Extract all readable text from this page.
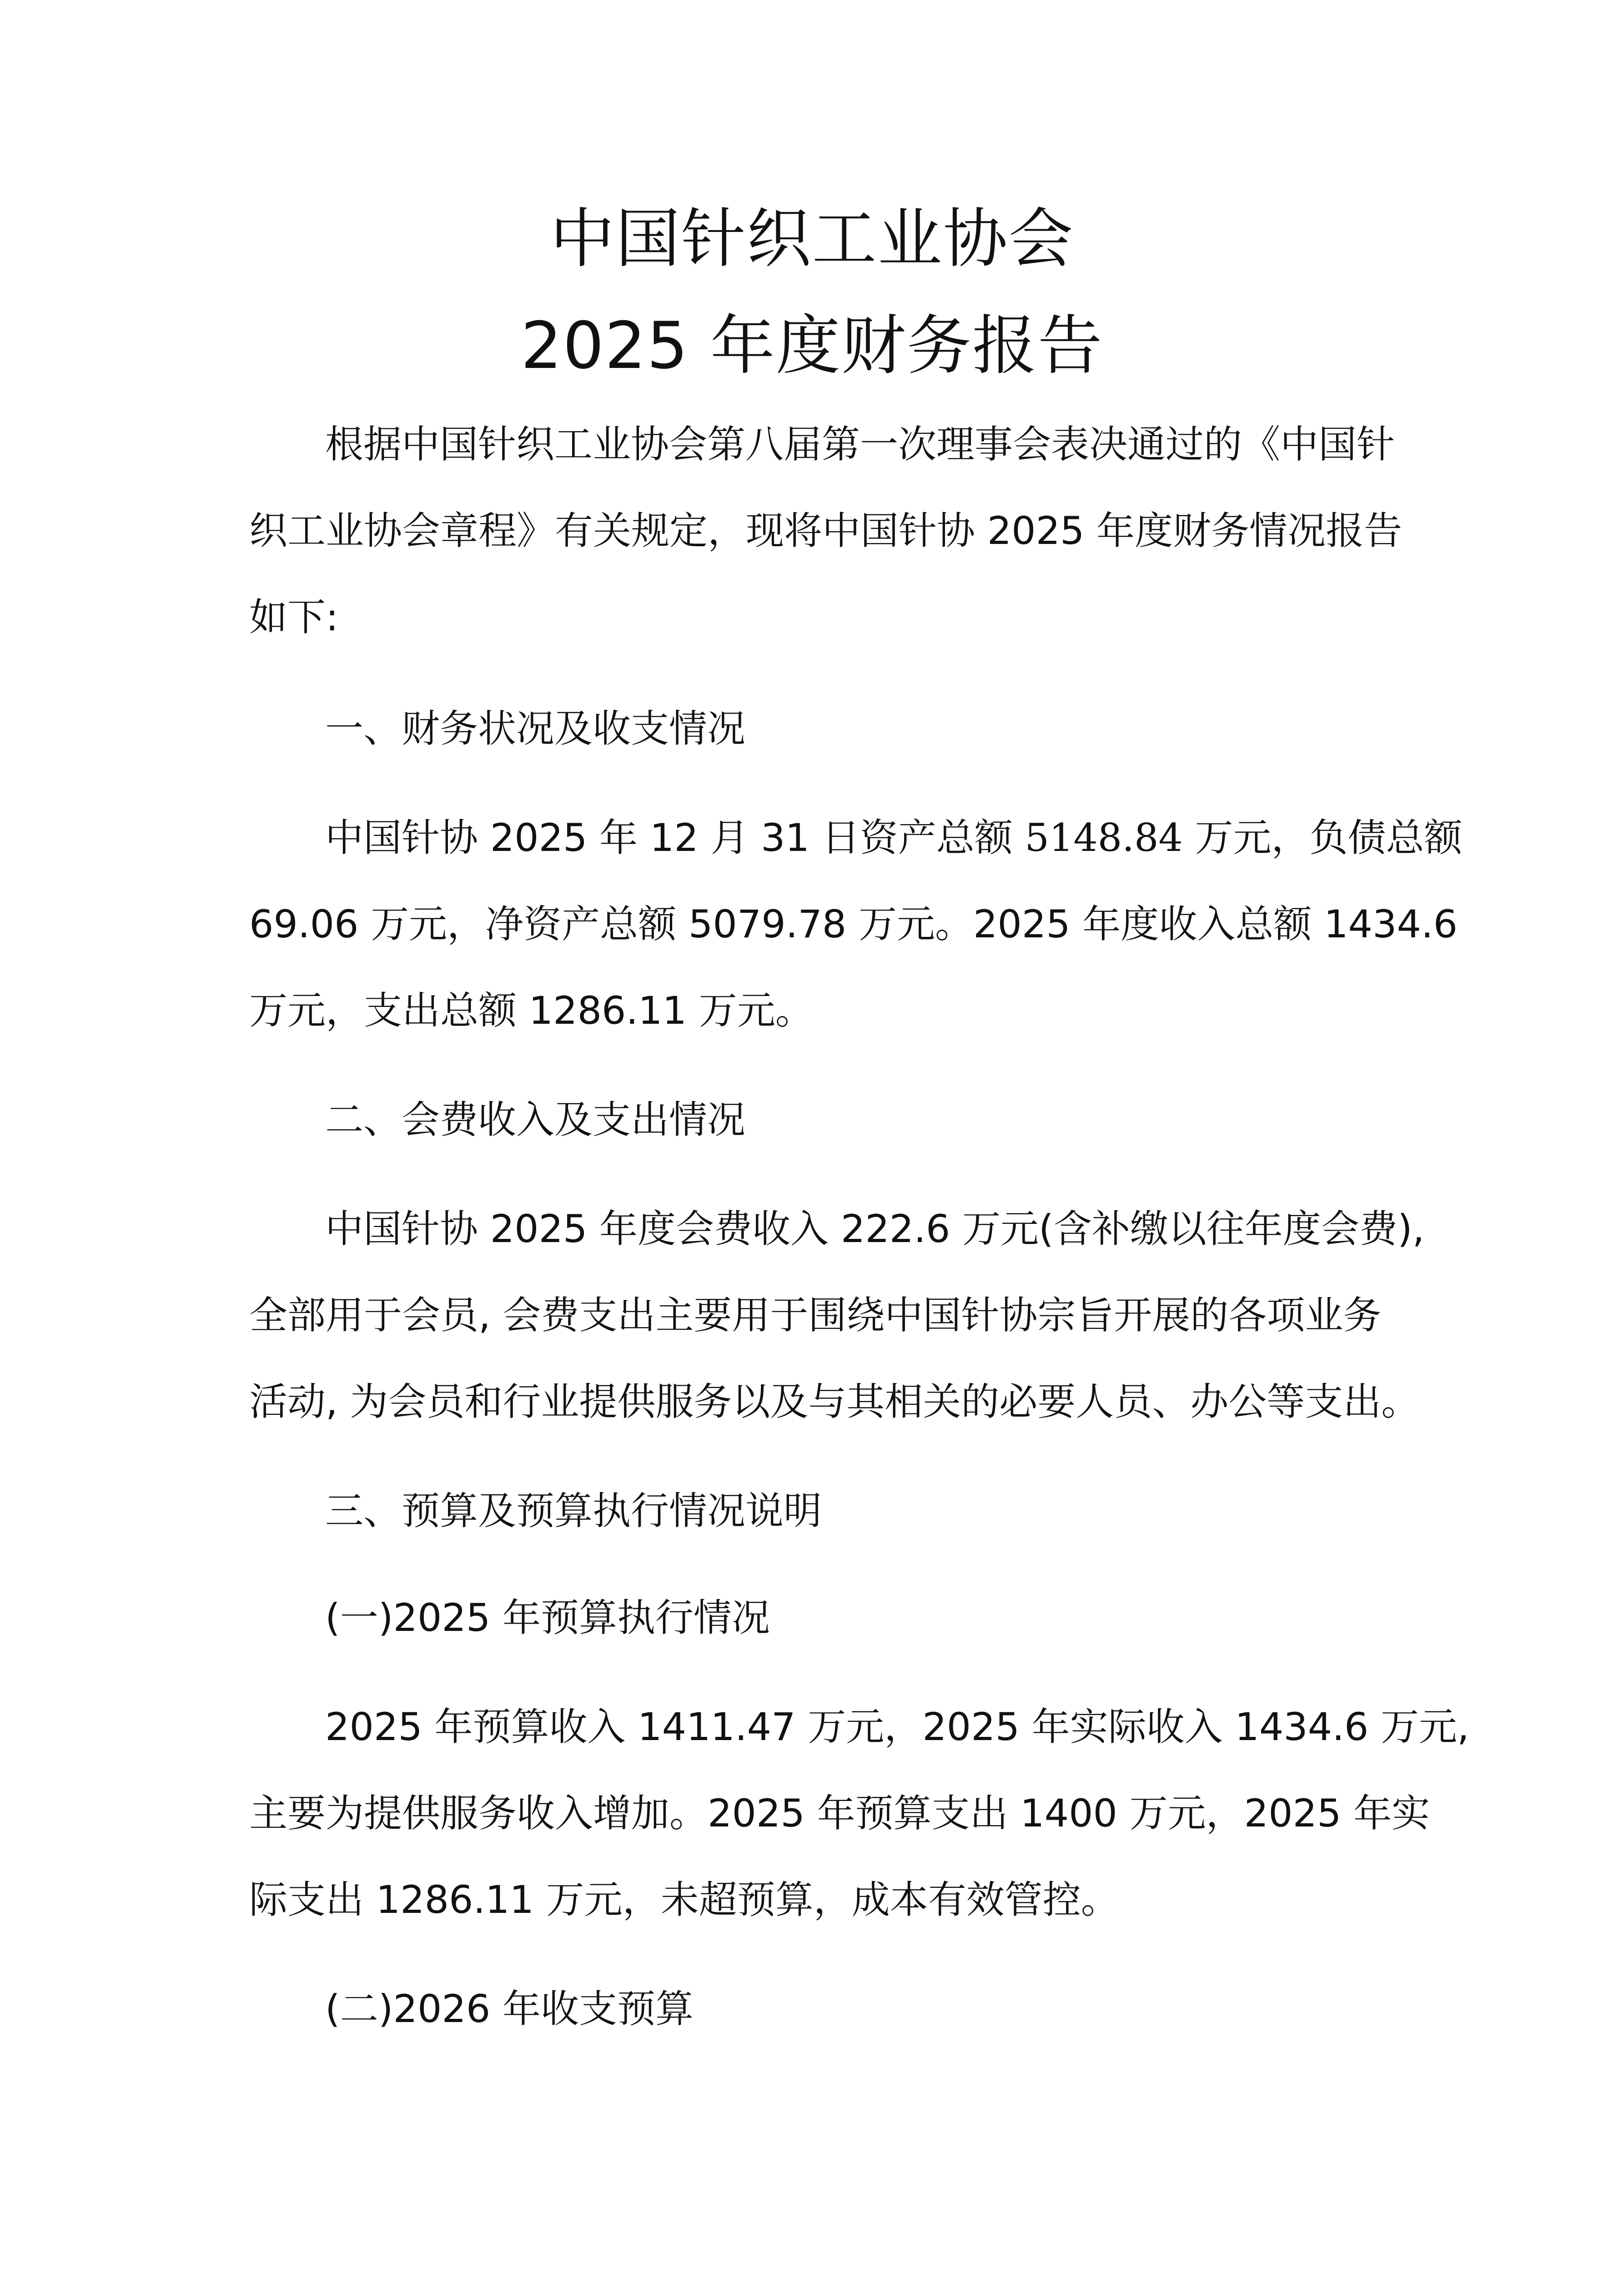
中国针织工业协会
2025 年度财务报告

根据中国针织工业协会第八届第一次理事会表决通过的《中国针

织工业协会章程》有关规定，现将中国针协 2025 年度财务情况报告

如下:

一、财务状况及收支情况

中国针协 2025 年 12 月 31 日资产总额 5148.84 万元，负债总额

69.06 万元，净资产总额 5079.78 万元。2025 年度收入总额 1434.6

万元，支出总额 1286.11 万元。

二、会费收入及支出情况

中国针协 2025 年度会费收入 222.6 万元(含补缴以往年度会费),

全部用于会员, 会费支出主要用于围绕中国针协宗旨开展的各项业务

活动, 为会员和行业提供服务以及与其相关的必要人员、办公等支出。

三、预算及预算执行情况说明

(一)2025 年预算执行情况

2025 年预算收入 1411.47 万元，2025 年实际收入 1434.6 万元,

主要为提供服务收入增加。2025 年预算支出 1400 万元，2025 年实

际支出 1286.11 万元，未超预算，成本有效管控。

(二)2026 年收支预算
